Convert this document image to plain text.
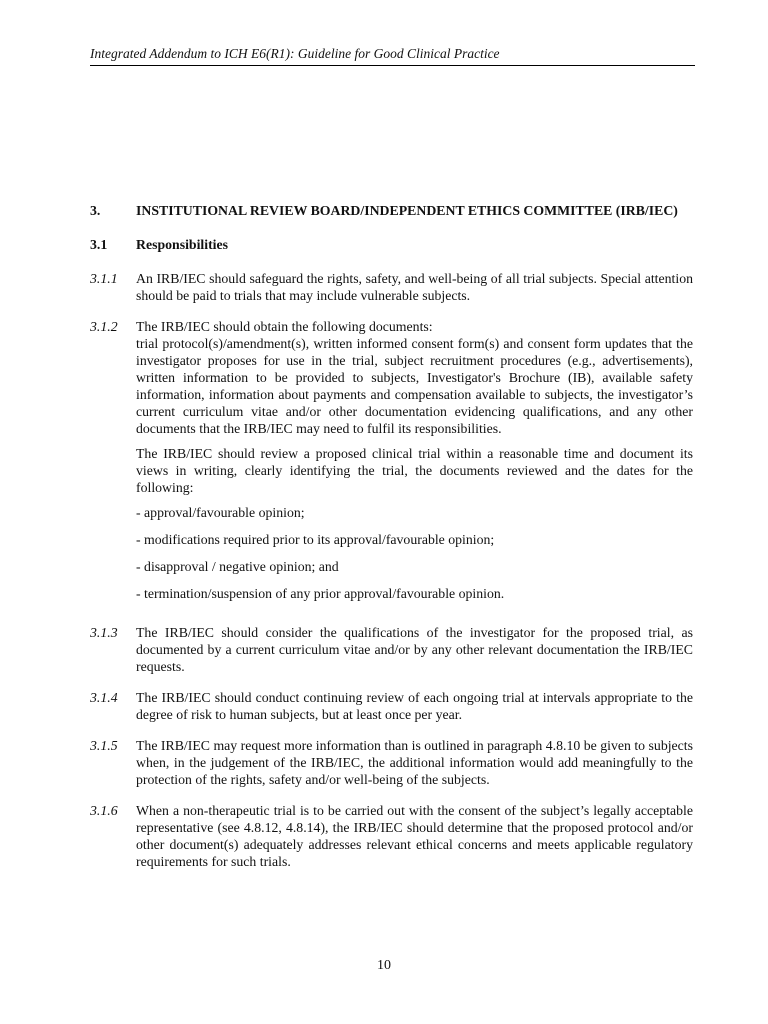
Integrated Addendum to ICH E6(R1): Guideline for Good Clinical Practice
3.	INSTITUTIONAL REVIEW BOARD/INDEPENDENT ETHICS COMMITTEE (IRB/IEC)
3.1	Responsibilities
3.1.1	An IRB/IEC should safeguard the rights, safety, and well-being of all trial subjects. Special attention should be paid to trials that may include vulnerable subjects.
3.1.2	The IRB/IEC should obtain the following documents:
trial protocol(s)/amendment(s), written informed consent form(s) and consent form updates that the investigator proposes for use in the trial, subject recruitment procedures (e.g., advertisements), written information to be provided to subjects, Investigator's Brochure (IB), available safety information, information about payments and compensation available to subjects, the investigator’s current curriculum vitae and/or other documentation evidencing qualifications, and any other documents that the IRB/IEC may need to fulfil its responsibilities.
The IRB/IEC should review a proposed clinical trial within a reasonable time and document its views in writing, clearly identifying the trial, the documents reviewed and the dates for the following:
- approval/favourable opinion;
- modifications required prior to its approval/favourable opinion;
- disapproval / negative opinion; and
- termination/suspension of any prior approval/favourable opinion.
3.1.3	The IRB/IEC should consider the qualifications of the investigator for the proposed trial, as documented by a current curriculum vitae and/or by any other relevant documentation the IRB/IEC requests.
3.1.4	The IRB/IEC should conduct continuing review of each ongoing trial at intervals appropriate to the degree of risk to human subjects, but at least once per year.
3.1.5	The IRB/IEC may request more information than is outlined in paragraph 4.8.10 be given to subjects when, in the judgement of the IRB/IEC, the additional information would add meaningfully to the protection of the rights, safety and/or well-being of the subjects.
3.1.6	When a non-therapeutic trial is to be carried out with the consent of the subject’s legally acceptable representative (see 4.8.12, 4.8.14), the IRB/IEC should determine that the proposed protocol and/or other document(s) adequately addresses relevant ethical concerns and meets applicable regulatory requirements for such trials.
10
